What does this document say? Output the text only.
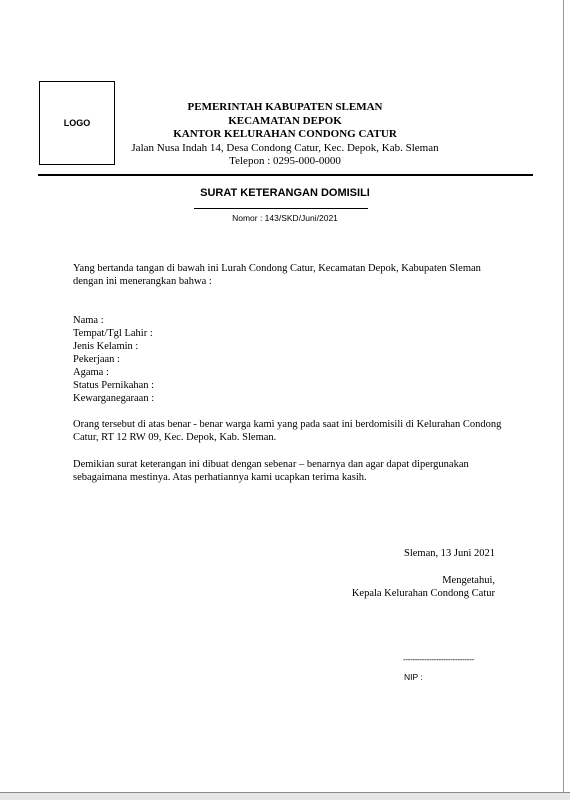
LOGO
PEMERINTAH KABUPATEN SLEMAN
KECAMATAN DEPOK
KANTOR KELURAHAN CONDONG CATUR
Jalan Nusa Indah 14, Desa Condong Catur, Kec. Depok, Kab. Sleman
Telepon : 0295-000-0000
SURAT KETERANGAN DOMISILI
Nomor : 143/SKD/Juni/2021
Yang bertanda tangan di bawah ini Lurah Condong Catur, Kecamatan Depok, Kabupaten Sleman dengan ini menerangkan bahwa :
Nama :
Tempat/Tgl Lahir :
Jenis Kelamin :
Pekerjaan :
Agama :
Status Pernikahan :
Kewarganegaraan :
Orang tersebut di atas benar - benar warga kami yang pada saat ini berdomisili di Kelurahan Condong Catur, RT 12 RW 09, Kec. Depok, Kab. Sleman.
Demikian surat keterangan ini dibuat dengan sebenar – benarnya dan agar dapat dipergunakan sebagaimana mestinya. Atas perhatiannya kami ucapkan terima kasih.
Sleman, 13 Juni 2021
Mengetahui,
Kepala Kelurahan Condong Catur
------------------------------
NIP :
